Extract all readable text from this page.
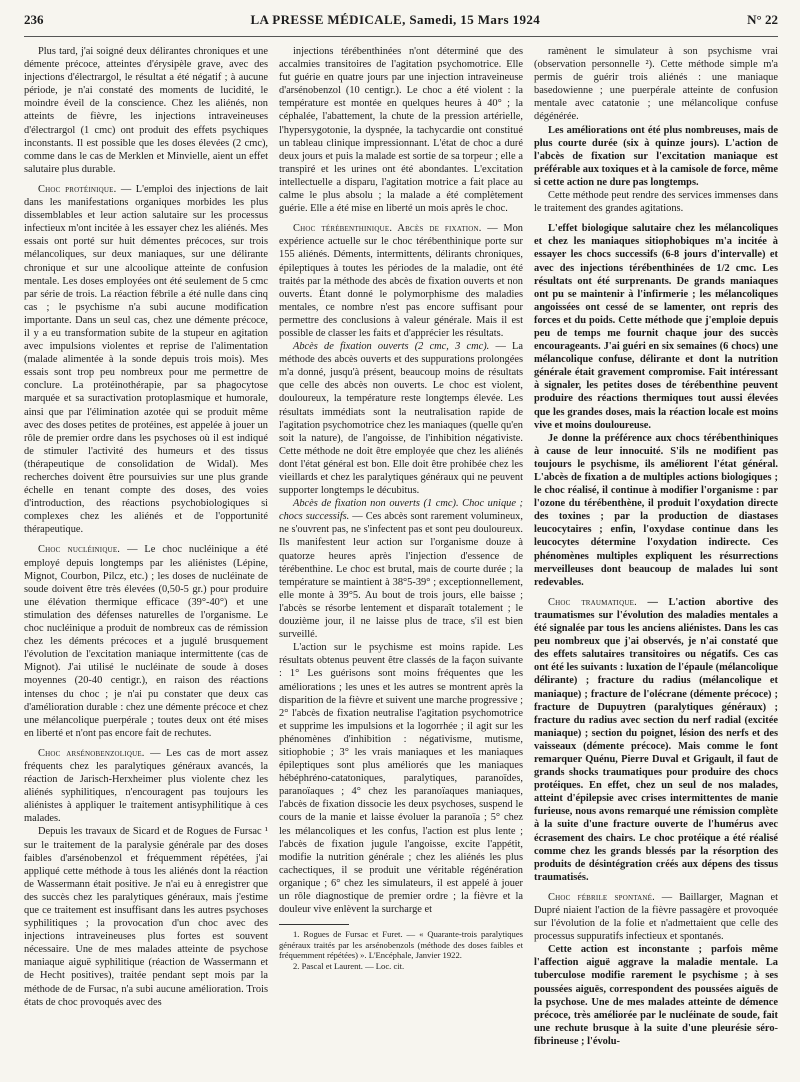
236	LA PRESSE MÉDICALE, Samedi, 15 Mars 1924	N° 22

Plus tard, j'ai soigné deux délirantes chroniques et une démente précoce, atteintes d'érysipèle grave, avec des injections d'électrargol, le résultat a été négatif ; à aucune période, je n'ai constaté des moments de lucidité, le moindre éveil de la conscience. Chez les aliénés, non atteints de fièvre, les injections intraveineuses d'électrargol (1 cmc) ont produit des effets psychiques inconstants. Il est possible que les doses élevées (2 cmc), comme dans le cas de Merklen et Minvielle, aient un effet salutaire plus durable.

Choc protéinique. — L'emploi des injections de lait dans les manifestations organiques morbides les plus dissemblables et leur action salutaire sur les processus infectieux m'ont incitée à les essayer chez les aliénés. Mes essais ont porté sur huit démentes précoces, sur trois mélancoliques, sur deux maniaques, sur une délirante chronique et sur une alcoolique atteinte de confusion mentale. Les doses employées ont été seulement de 5 cmc par série de trois. La réaction fébrile a été nulle dans cinq cas ; le psychisme n'a subi aucune modification importante. Dans un seul cas, chez une démente précoce, il y a eu transformation subite de la stupeur en agitation avec impulsions violentes et reprise de l'alimentation (malade alimentée à la sonde depuis trois mois). Mes essais sont trop peu nombreux pour me permettre de conclure. La protéinothérapie, par sa phagocytose marquée et sa suractivation protoplasmique et humorale, ainsi que par l'élimination azotée qui se produit même avec des doses petites de protéines, est appelée à jouer un rôle de premier ordre dans les psychoses où il est indiqué de stimuler l'activité des humeurs et des tissus (thérapeutique de consolidation de Widal). Mes recherches doivent être poursuivies sur une plus grande échelle en tenant compte des doses, des voies d'introduction, des réactions psychobiologiques si complexes chez les aliénés et de l'opportunité thérapeutique.

Choc nucléinique. — Le choc nucléinique a été employé depuis longtemps par les aliénistes (Lépine, Mignot, Courbon, Pilcz, etc.) ; les doses de nucléinate de soude doivent être très élevées (0,50-5 gr.) pour produire une élévation thermique efficace (39°-40°) et une stimulation des défenses naturelles de l'organisme. Le choc nucléinique a produit de nombreux cas de rémission chez les déments précoces et a jugulé brusquement l'évolution de l'excitation maniaque intermittente (cas de Mignot). J'ai utilisé le nucléinate de soude à doses moyennes (20-40 centigr.), en raison des réactions intenses du choc ; je n'ai pu constater que deux cas d'amélioration durable : chez une démente précoce et chez une mélancolique puerpérale ; toutes deux ont été mises en liberté et n'ont pas encore fait de rechutes.

Choc arsénobenzolique. — Les cas de mort assez fréquents chez les paralytiques généraux avancés, la réaction de Jarisch-Herxheimer plus violente chez les aliénés syphilitiques, n'encouragent pas toujours les aliénistes à appliquer le traitement antisyphilitique à ces malades.

Depuis les travaux de Sicard et de Rogues de Fursac ¹ sur le traitement de la paralysie générale par des doses faibles d'arsénobenzol et fréquemment répétées, j'ai appliqué cette méthode à tous les aliénés dont la réaction de Wassermann était positive. Je n'ai eu à enregistrer que des succès chez les paralytiques généraux, mais j'estime que ce traitement est insuffisant dans les autres psychoses syphilitiques ; la provocation d'un choc avec des injections intraveineuses plus fortes est souvent nécessaire. Une de mes malades atteinte de psychose maniaque aiguë syphilitique (réaction de Wassermann et de Hecht positives), traitée pendant sept mois par la méthode de de Fursac, n'a subi aucune amélioration. Trois états de choc provoqués avec des

injections térébenthinées n'ont déterminé que des accalmies transitoires de l'agitation psychomotrice. Elle fut guérie en quatre jours par une injection intraveineuse d'arsénobenzol (10 centigr.). Le choc a été violent : la température est montée en quelques heures à 40° ; la céphalée, l'abattement, la chute de la pression artérielle, l'hypersygotonie, la dyspnée, la tachycardie ont constitué un tableau clinique impressionnant. L'état de choc a duré deux jours et puis la malade est sortie de sa torpeur ; elle a transpiré et les urines ont été abondantes. L'excitation intellectuelle a disparu, l'agitation motrice a fait place au calme le plus absolu ; la malade a été complètement guérie. Elle a été mise en liberté un mois après le choc.

Choc térébenthinique. Abcès de fixation. — Mon expérience actuelle sur le choc térébenthinique porte sur 155 aliénés. Déments, intermittents, délirants chroniques, épileptiques à toutes les périodes de la maladie, ont été traités par la méthode des abcès de fixation ouverts et non ouverts. Étant donné le polymorphisme des maladies mentales, ce nombre n'est pas encore suffisant pour permettre des conclusions à valeur générale. Mais il est possible de classer les faits et d'apprécier les résultats.

Abcès de fixation ouverts (2 cmc, 3 cmc). — La méthode des abcès ouverts et des suppurations prolongées m'a donné, jusqu'à présent, beaucoup moins de résultats que celle des abcès non ouverts. Le choc est violent, douloureux, la température reste longtemps élevée. Les résultats immédiats sont la neutralisation rapide de l'agitation psychomotrice chez les maniaques (quelle qu'en soit la nature), de l'angoisse, de l'inhibition négativiste. Cette méthode ne doit être employée que chez les aliénés dont l'état général est bon. Elle doit être prohibée chez les vieillards et chez les paralytiques généraux qui ne peuvent supporter longtemps le décubitus.

Abcès de fixation non ouverts (1 cmc). Choc unique ; chocs successifs. — Ces abcès sont rarement volumineux, ne s'ouvrent pas, ne s'infectent pas et sont peu douloureux. Ils manifestent leur action sur l'organisme douze à quatorze heures après l'injection d'essence de térébenthine. Le choc est brutal, mais de courte durée ; la température se maintient à 38°5-39° ; exceptionnellement, elle monte à 39°5. Au bout de trois jours, elle baisse ; l'abcès se résorbe lentement et disparaît totalement ; le douzième jour, il ne laisse plus de trace, s'il est bien surveillé.

L'action sur le psychisme est moins rapide. Les résultats obtenus peuvent être classés de la façon suivante : 1° Les guérisons sont moins fréquentes que les améliorations ; les unes et les autres se montrent après la disparition de la fièvre et suivent une marche progressive ; 2° l'abcès de fixation neutralise l'agitation psychomotrice et supprime les impulsions et la logorrhée ; il agit sur les phénomènes d'inhibition : négativisme, mutisme, sitiophobie ; 3° les vrais maniaques et les maniaques épileptiques sont plus améliorés que les maniaques hébéphréno-catatoniques, paralytiques, paranoïdes, paranoïaques ; 4° chez les paranoïaques maniaques, l'abcès de fixation dissocie les deux psychoses, suspend le cours de la manie et laisse évoluer la paranoïa ; 5° chez les mélancoliques et les confus, l'action est plus lente ; l'abcès de fixation jugule l'angoisse, excite l'appétit, modifie la nutrition générale ; chez les aliénés les plus cachectiques, il se produit une véritable régénération organique ; 6° chez les simulateurs, il est appelé à jouer un rôle diagnostique de premier ordre ; la fièvre et la douleur vive enlèvent la surcharge et

1. Rogues de Fursac et Furet. — « Quarante-trois paralytiques généraux traités par les arsénobenzols (méthode des doses faibles et fréquemment répétées) ». L'Encéphale, Janvier 1922.

2. Pascal et Laurent. — Loc. cit.

ramènent le simulateur à son psychisme vrai (observation personnelle ²). Cette méthode simple m'a permis de guérir trois aliénés : une maniaque basedowienne ; une puerpérale atteinte de confusion mentale avec catatonie ; une mélancolique confuse dégénérée.

Les améliorations ont été plus nombreuses, mais de plus courte durée (six à quinze jours). L'action de l'abcès de fixation sur l'excitation maniaque est préférable aux toxiques et à la camisole de force, même si cette action ne dure pas longtemps.

Cette méthode peut rendre des services immenses dans le traitement des grandes agitations.

L'effet biologique salutaire chez les mélancoliques et chez les maniaques sitiophobiques m'a incitée à essayer les chocs successifs (6-8 jours d'intervalle) et avec des injections térébenthinées de 1/2 cmc. Les résultats ont été surprenants. De grands maniaques ont pu se maintenir à l'infirmerie ; les mélancoliques angoissées ont cessé de se lamenter, ont repris des forces et du poids. Cette méthode que j'emploie depuis peu de temps me fournit chaque jour des succès encourageants. J'ai guéri en six semaines (6 chocs) une mélancolique confuse, délirante et dont la nutrition générale était gravement compromise. Fait intéressant à signaler, les petites doses de térébenthine peuvent produire des réactions thermiques tout aussi élevées que les grandes doses, mais la réaction locale est moins vive et moins douloureuse.

Je donne la préférence aux chocs térébenthiniques à cause de leur innocuité. S'ils ne modifient pas toujours le psychisme, ils améliorent l'état général. L'abcès de fixation a de multiples actions biologiques ; le choc réalisé, il continue à modifier l'organisme : par l'ozone du térébenthène, il produit l'oxydation directe des toxines ; par la production de diastases leucocytaires ; enfin, l'oxydase continue dans les leucocytes détermine l'oxydation indirecte. Ces phénomènes multiples expliquent les résurrections merveilleuses dont beaucoup de malades lui sont redevables.

Choc traumatique. — L'action abortive des traumatismes sur l'évolution des maladies mentales a été signalée par tous les anciens aliénistes. Dans les cas peu nombreux que j'ai observés, je n'ai constaté que des effets salutaires transitoires ou négatifs. Ces cas ont été les suivants : luxation de l'épaule (mélancolique délirante) ; fracture du radius (mélancolique et maniaque) ; fracture de l'olécrane (démente précoce) ; fracture de Dupuytren (paralytiques généraux) ; fracture du radius avec section du nerf radial (excitée maniaque) ; section du poignet, lésion des nerfs et des vaisseaux (démente précoce). Mais comme le font remarquer Quénu, Pierre Duval et Grigault, il faut de grands shocks traumatiques pour produire des chocs protéiques. En effet, chez un seul de nos malades, atteint d'épilepsie avec crises intermittentes de manie furieuse, nous avons remarqué une rémission complète à la suite d'une fracture ouverte de l'humérus avec écrasement des chairs. Le choc protéique a été réalisé comme chez les grands blessés par la résorption des produits de désintégration créés aux dépens des tissus traumatisés.

Choc fébrile spontané. — Baillarger, Magnan et Dupré niaient l'action de la fièvre passagère et provoquée sur l'évolution de la folie et n'admettaient que celle des processus suppuratifs infectieux et spontanés.

Cette action est inconstante ; parfois même l'affection aiguë aggrave la maladie mentale. La tuberculose modifie rarement le psychisme ; à ses poussées aiguës, correspondent des poussées aiguës de la psychose. Une de mes malades atteinte de démence précoce, très améliorée par le nucléinate de soude, fait une rechute brusque à la suite d'une pleurésie séro-fibrineuse ; l'évolu-
